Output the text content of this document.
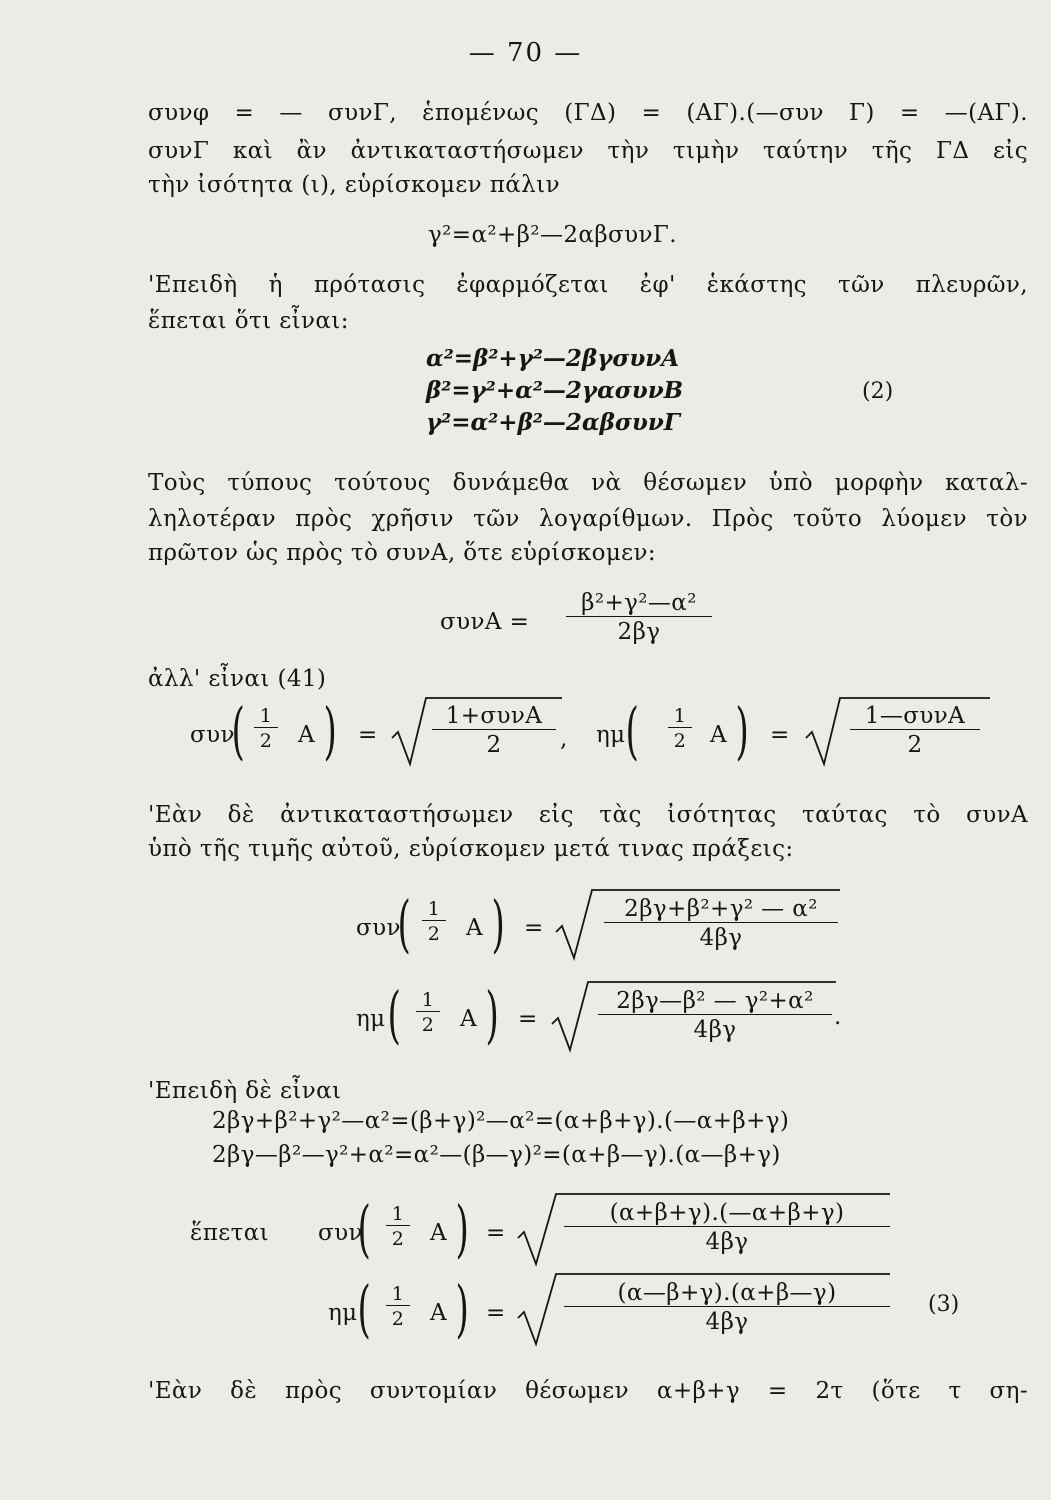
— 70 —
συνφ = — συνΓ, ἑπομένως (ΓΔ) = (ΑΓ).(—συν Γ) = —(ΑΓ).
συνΓ καὶ ἂν ἀντικαταστήσωμεν τὴν τιμὴν ταύτην τῆς ΓΔ εἰς
τὴν ἰσότητα (ι), εὑρίσκομεν πάλιν
γ²=α²+β²—2αβσυνΓ.
'Επειδὴ ἡ πρότασις ἐφαρμόζεται ἐφ' ἑκάστης τῶν πλευρῶν,
ἕπεται ὅτι εἶναι:
α²=β²+γ²—2βγσυνΑ
β²=γ²+α²—2γασυνΒ
γ²=α²+β²—2αβσυνΓ
(2)
Τοὺς τύπους τούτους δυνάμεθα νὰ θέσωμεν ὑπὸ μορφὴν καταλ-
ληλοτέραν πρὸς χρῆσιν τῶν λογαρίθμων. Πρὸς τοῦτο λύομεν τὸν
πρῶτον ὡς πρὸς τὸ συνΑ, ὅτε εὑρίσκομεν:
$\sigma\upsilon\nu A = \frac{\text{β²+γ²—α²}}{2\beta\gamma}$
ἀλλ' εἶναι (41)
συν
( $\frac{1}{2}$ Α ) =
1+συνΑ
2	, ημ ( $\frac{1}{2}$ Α ) =
1—συνΑ
2
'Εὰν δὲ ἀντικαταστήσωμεν εἰς τὰς ἰσότητας ταύτας τὸ συνΑ
ὑπὸ τῆς τιμῆς αὐτοῦ, εὑρίσκομεν μετά τινας πράξεις:
συν
( $\frac{1}{2}$ Α ) =	$\frac{\text{2βγ+β²+γ² — α²}}{4\beta\gamma}$
ημ ( $\frac{1}{2}$ Α ) =	$\frac{\text{2βγ—β² — γ²+α²}}{4\beta\gamma}$ .
'Επειδὴ δὲ εἶναι
2βγ+β²+γ²—α²=(β+γ)²—α²=(α+β+γ).(—α+β+γ)
2βγ—β²—γ²+α²=α²—(β—γ)²=(α+β—γ).(α—β+γ)
ἕπεται συν
( $\frac{1}{2}$ Α ) =	$\frac{(\alpha+\beta+\gamma).(—\alpha+\beta+\gamma)}{4\beta\gamma}$
ημ ( $\frac{1}{2}$ Α ) =	$\frac{(\alpha—\beta+\gamma).(\alpha+\beta—\gamma)}{4\beta\gamma} (3)$
'Εὰν δὲ πρὸς συντομίαν θέσωμεν α+β+γ = 2τ (ὅτε τ ση-
